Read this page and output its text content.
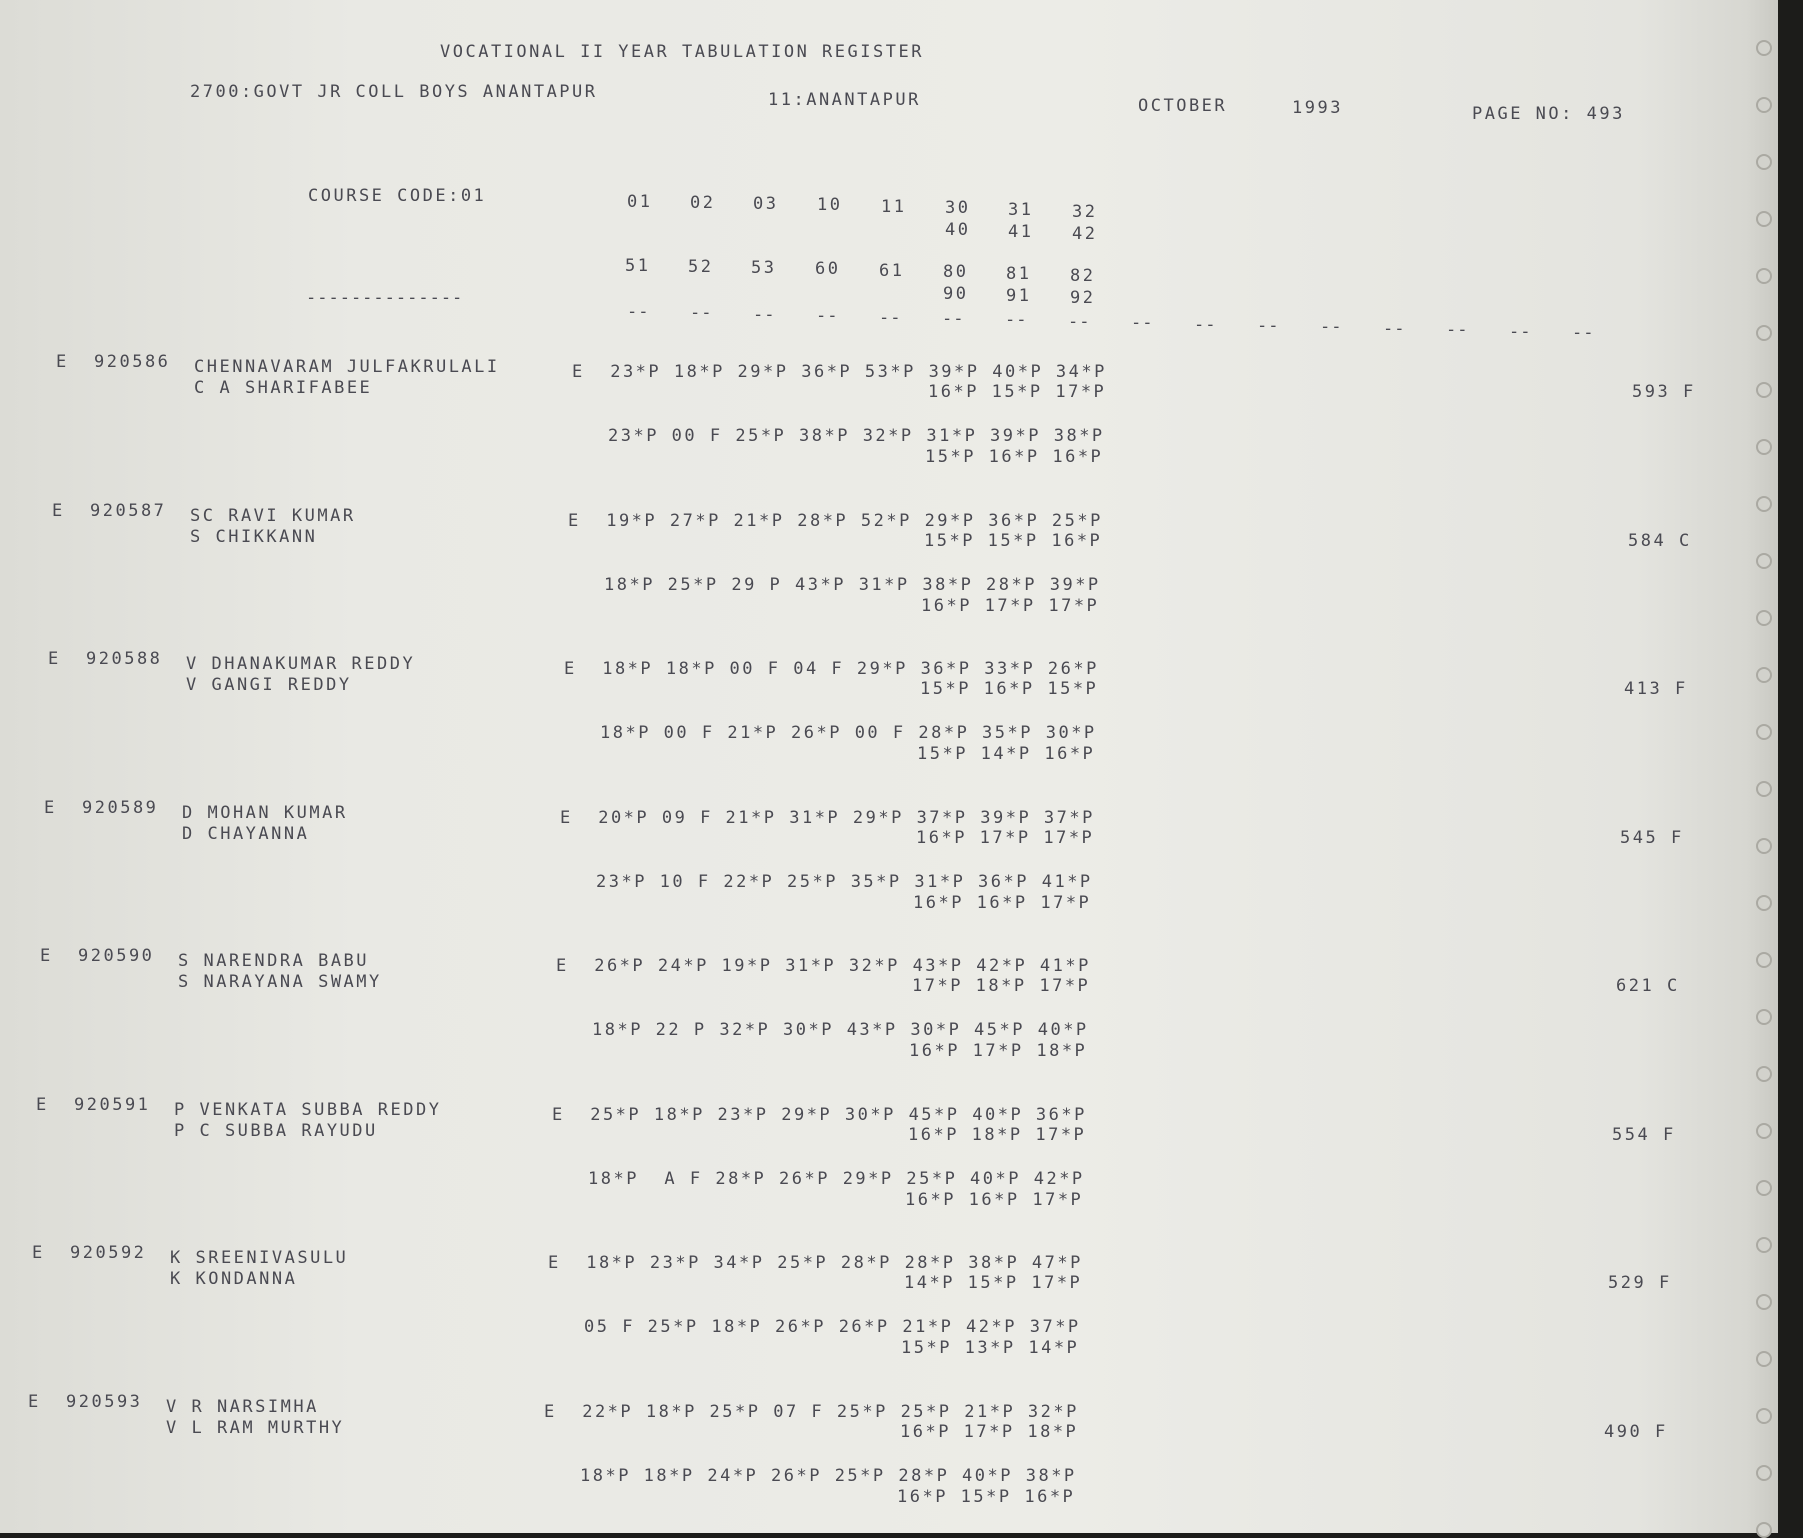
VOCATIONAL II YEAR TABULATION REGISTER
2700:GOVT JR COLL BOYS ANANTAPUR	11:ANANTAPUR	OCTOBER	1993	PAGE NO: 493
COURSE CODE:01
--------------
01 02 03 10 11 30 31 32
40 41 42
51 52 53 60 61 80 81 82
90 91 92
-- -- -- -- -- -- -- -- -- -- -- -- -- -- -- --
E 920586 CHENNAVARAM JULFAKRULALI
C A SHARIFABEE
E  23*P 18*P 29*P 36*P 53*P 39*P 40*P 34*P
16*P 15*P 17*P
23*P 00 F 25*P 38*P 32*P 31*P 39*P 38*P
15*P 16*P 16*P
593 F
E 920587 SC RAVI KUMAR
S CHIKKANN
E  19*P 27*P 21*P 28*P 52*P 29*P 36*P 25*P
15*P 15*P 16*P
18*P 25*P 29 P 43*P 31*P 38*P 28*P 39*P
16*P 17*P 17*P
584 C
E 920588 V DHANAKUMAR REDDY
V GANGI REDDY
E  18*P 18*P 00 F 04 F 29*P 36*P 33*P 26*P
15*P 16*P 15*P
18*P 00 F 21*P 26*P 00 F 28*P 35*P 30*P
15*P 14*P 16*P
413 F
E 920589 D MOHAN KUMAR
D CHAYANNA
E  20*P 09 F 21*P 31*P 29*P 37*P 39*P 37*P
16*P 17*P 17*P
23*P 10 F 22*P 25*P 35*P 31*P 36*P 41*P
16*P 16*P 17*P
545 F
E 920590 S NARENDRA BABU
S NARAYANA SWAMY
E  26*P 24*P 19*P 31*P 32*P 43*P 42*P 41*P
17*P 18*P 17*P
18*P 22 P 32*P 30*P 43*P 30*P 45*P 40*P
16*P 17*P 18*P
621 C
E 920591 P VENKATA SUBBA REDDY
P C SUBBA RAYUDU
E  25*P 18*P 23*P 29*P 30*P 45*P 40*P 36*P
16*P 18*P 17*P
18*P  A F 28*P 26*P 29*P 25*P 40*P 42*P
16*P 16*P 17*P
554 F
E 920592 K SREENIVASULU
K KONDANNA
E  18*P 23*P 34*P 25*P 28*P 28*P 38*P 47*P
14*P 15*P 17*P
05 F 25*P 18*P 26*P 26*P 21*P 42*P 37*P
15*P 13*P 14*P
529 F
E 920593 V R NARSIMHA
V L RAM MURTHY
E  22*P 18*P 25*P 07 F 25*P 25*P 21*P 32*P
16*P 17*P 18*P
18*P 18*P 24*P 26*P 25*P 28*P 40*P 38*P
16*P 15*P 16*P
490 F
